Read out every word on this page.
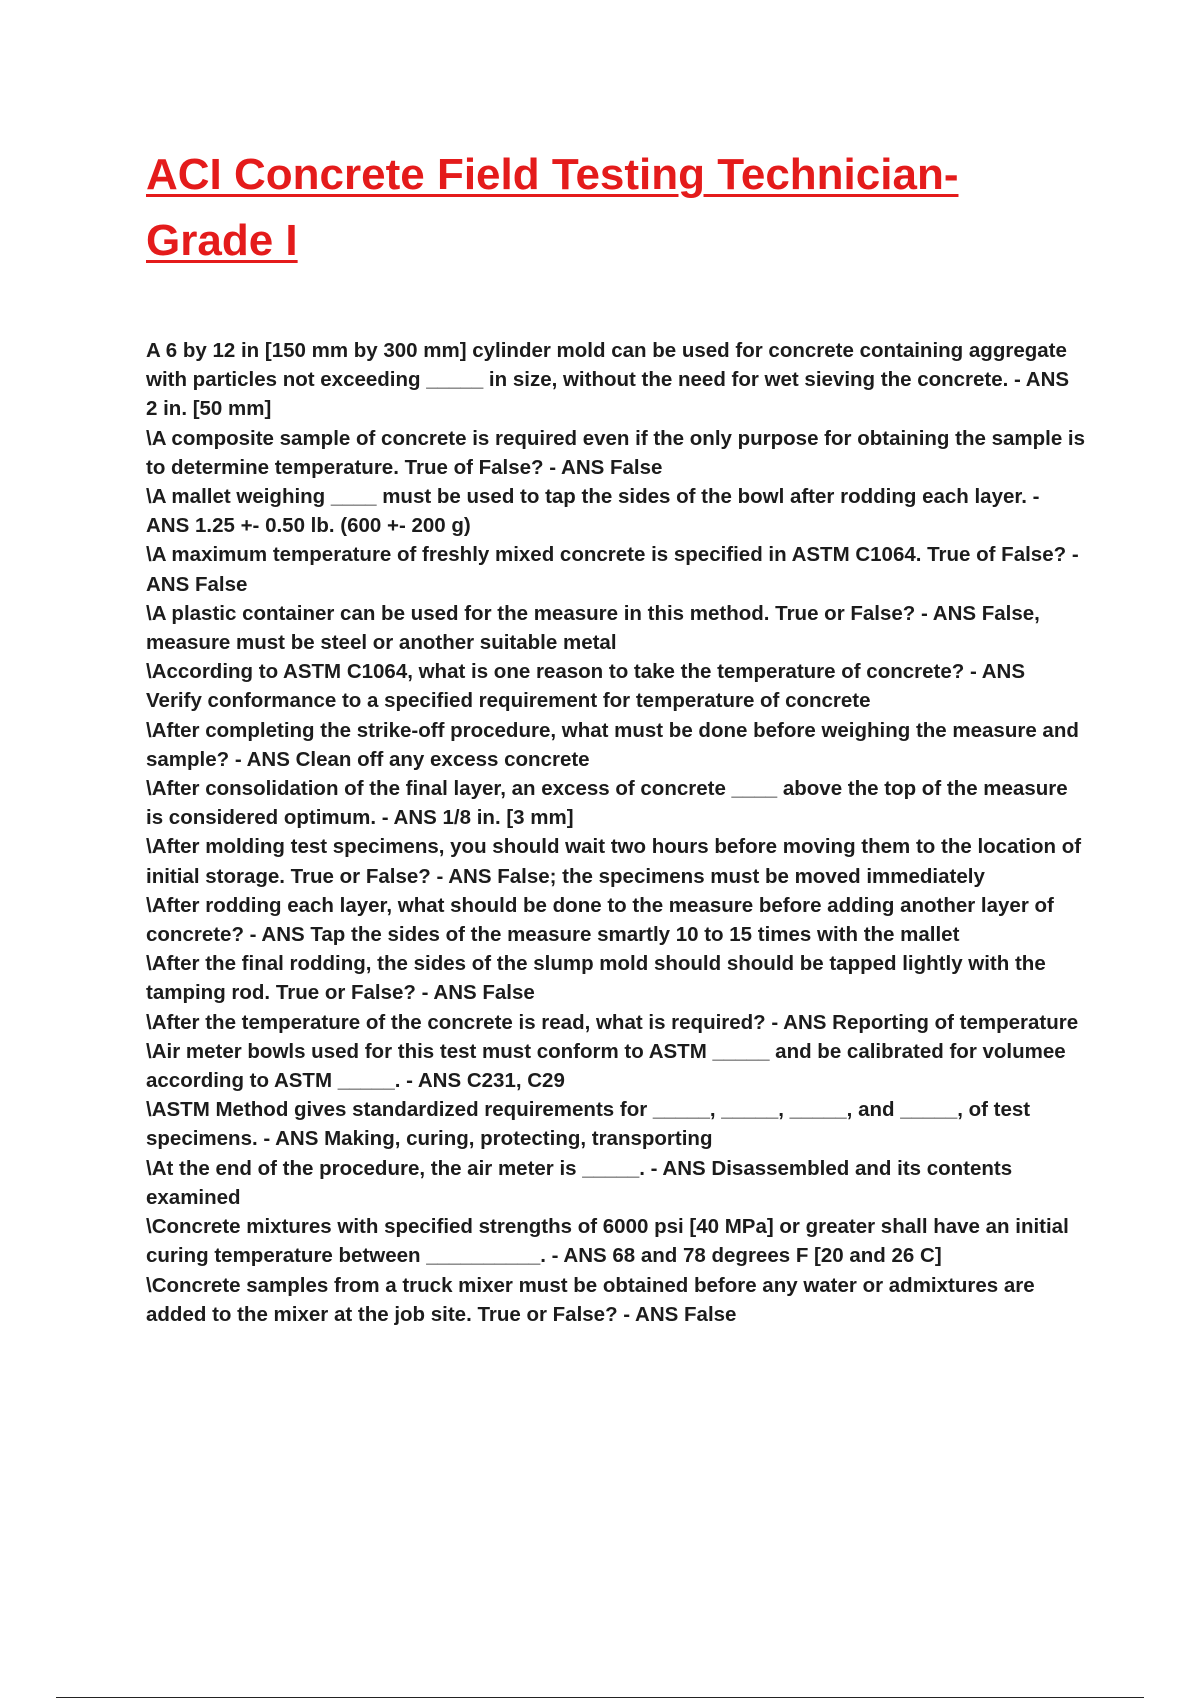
ACI Concrete Field Testing Technician-
Grade I

A 6 by 12 in [150 mm by 300 mm] cylinder mold can be used for concrete containing aggregate with particles not exceeding _____ in size, without the need for wet sieving the concrete. - ANS 2 in. [50 mm]

\A composite sample of concrete is required even if the only purpose for obtaining the sample is to determine temperature. True of False? - ANS False

\A mallet weighing ____ must be used to tap the sides of the bowl after rodding each layer. - ANS 1.25 +- 0.50 lb. (600 +- 200 g)

\A maximum temperature of freshly mixed concrete is specified in ASTM C1064. True of False? - ANS False

\A plastic container can be used for the measure in this method. True or False? - ANS False, measure must be steel or another suitable metal

\According to ASTM C1064, what is one reason to take the temperature of concrete? - ANS Verify conformance to a specified requirement for temperature of concrete

\After completing the strike-off procedure, what must be done before weighing the measure and sample? - ANS Clean off any excess concrete

\After consolidation of the final layer, an excess of concrete ____ above the top of the measure is considered optimum. - ANS 1/8 in. [3 mm]

\After molding test specimens, you should wait two hours before moving them to the location of initial storage. True or False? - ANS False; the specimens must be moved immediately

\After rodding each layer, what should be done to the measure before adding another layer of concrete? - ANS Tap the sides of the measure smartly 10 to 15 times with the mallet

\After the final rodding, the sides of the slump mold should should be tapped lightly with the tamping rod. True or False? - ANS False

\After the temperature of the concrete is read, what is required? - ANS Reporting of temperature

\Air meter bowls used for this test must conform to ASTM _____ and be calibrated for volumee according to ASTM _____. - ANS C231, C29

\ASTM Method gives standardized requirements for _____, _____, _____, and _____, of test specimens. - ANS Making, curing, protecting, transporting

\At the end of the procedure, the air meter is _____. - ANS Disassembled and its contents examined

\Concrete mixtures with specified strengths of 6000 psi [40 MPa] or greater shall have an initial curing temperature between __________. - ANS 68 and 78 degrees F [20 and 26 C]

\Concrete samples from a truck mixer must be obtained before any water or admixtures are added to the mixer at the job site. True or False? - ANS False
